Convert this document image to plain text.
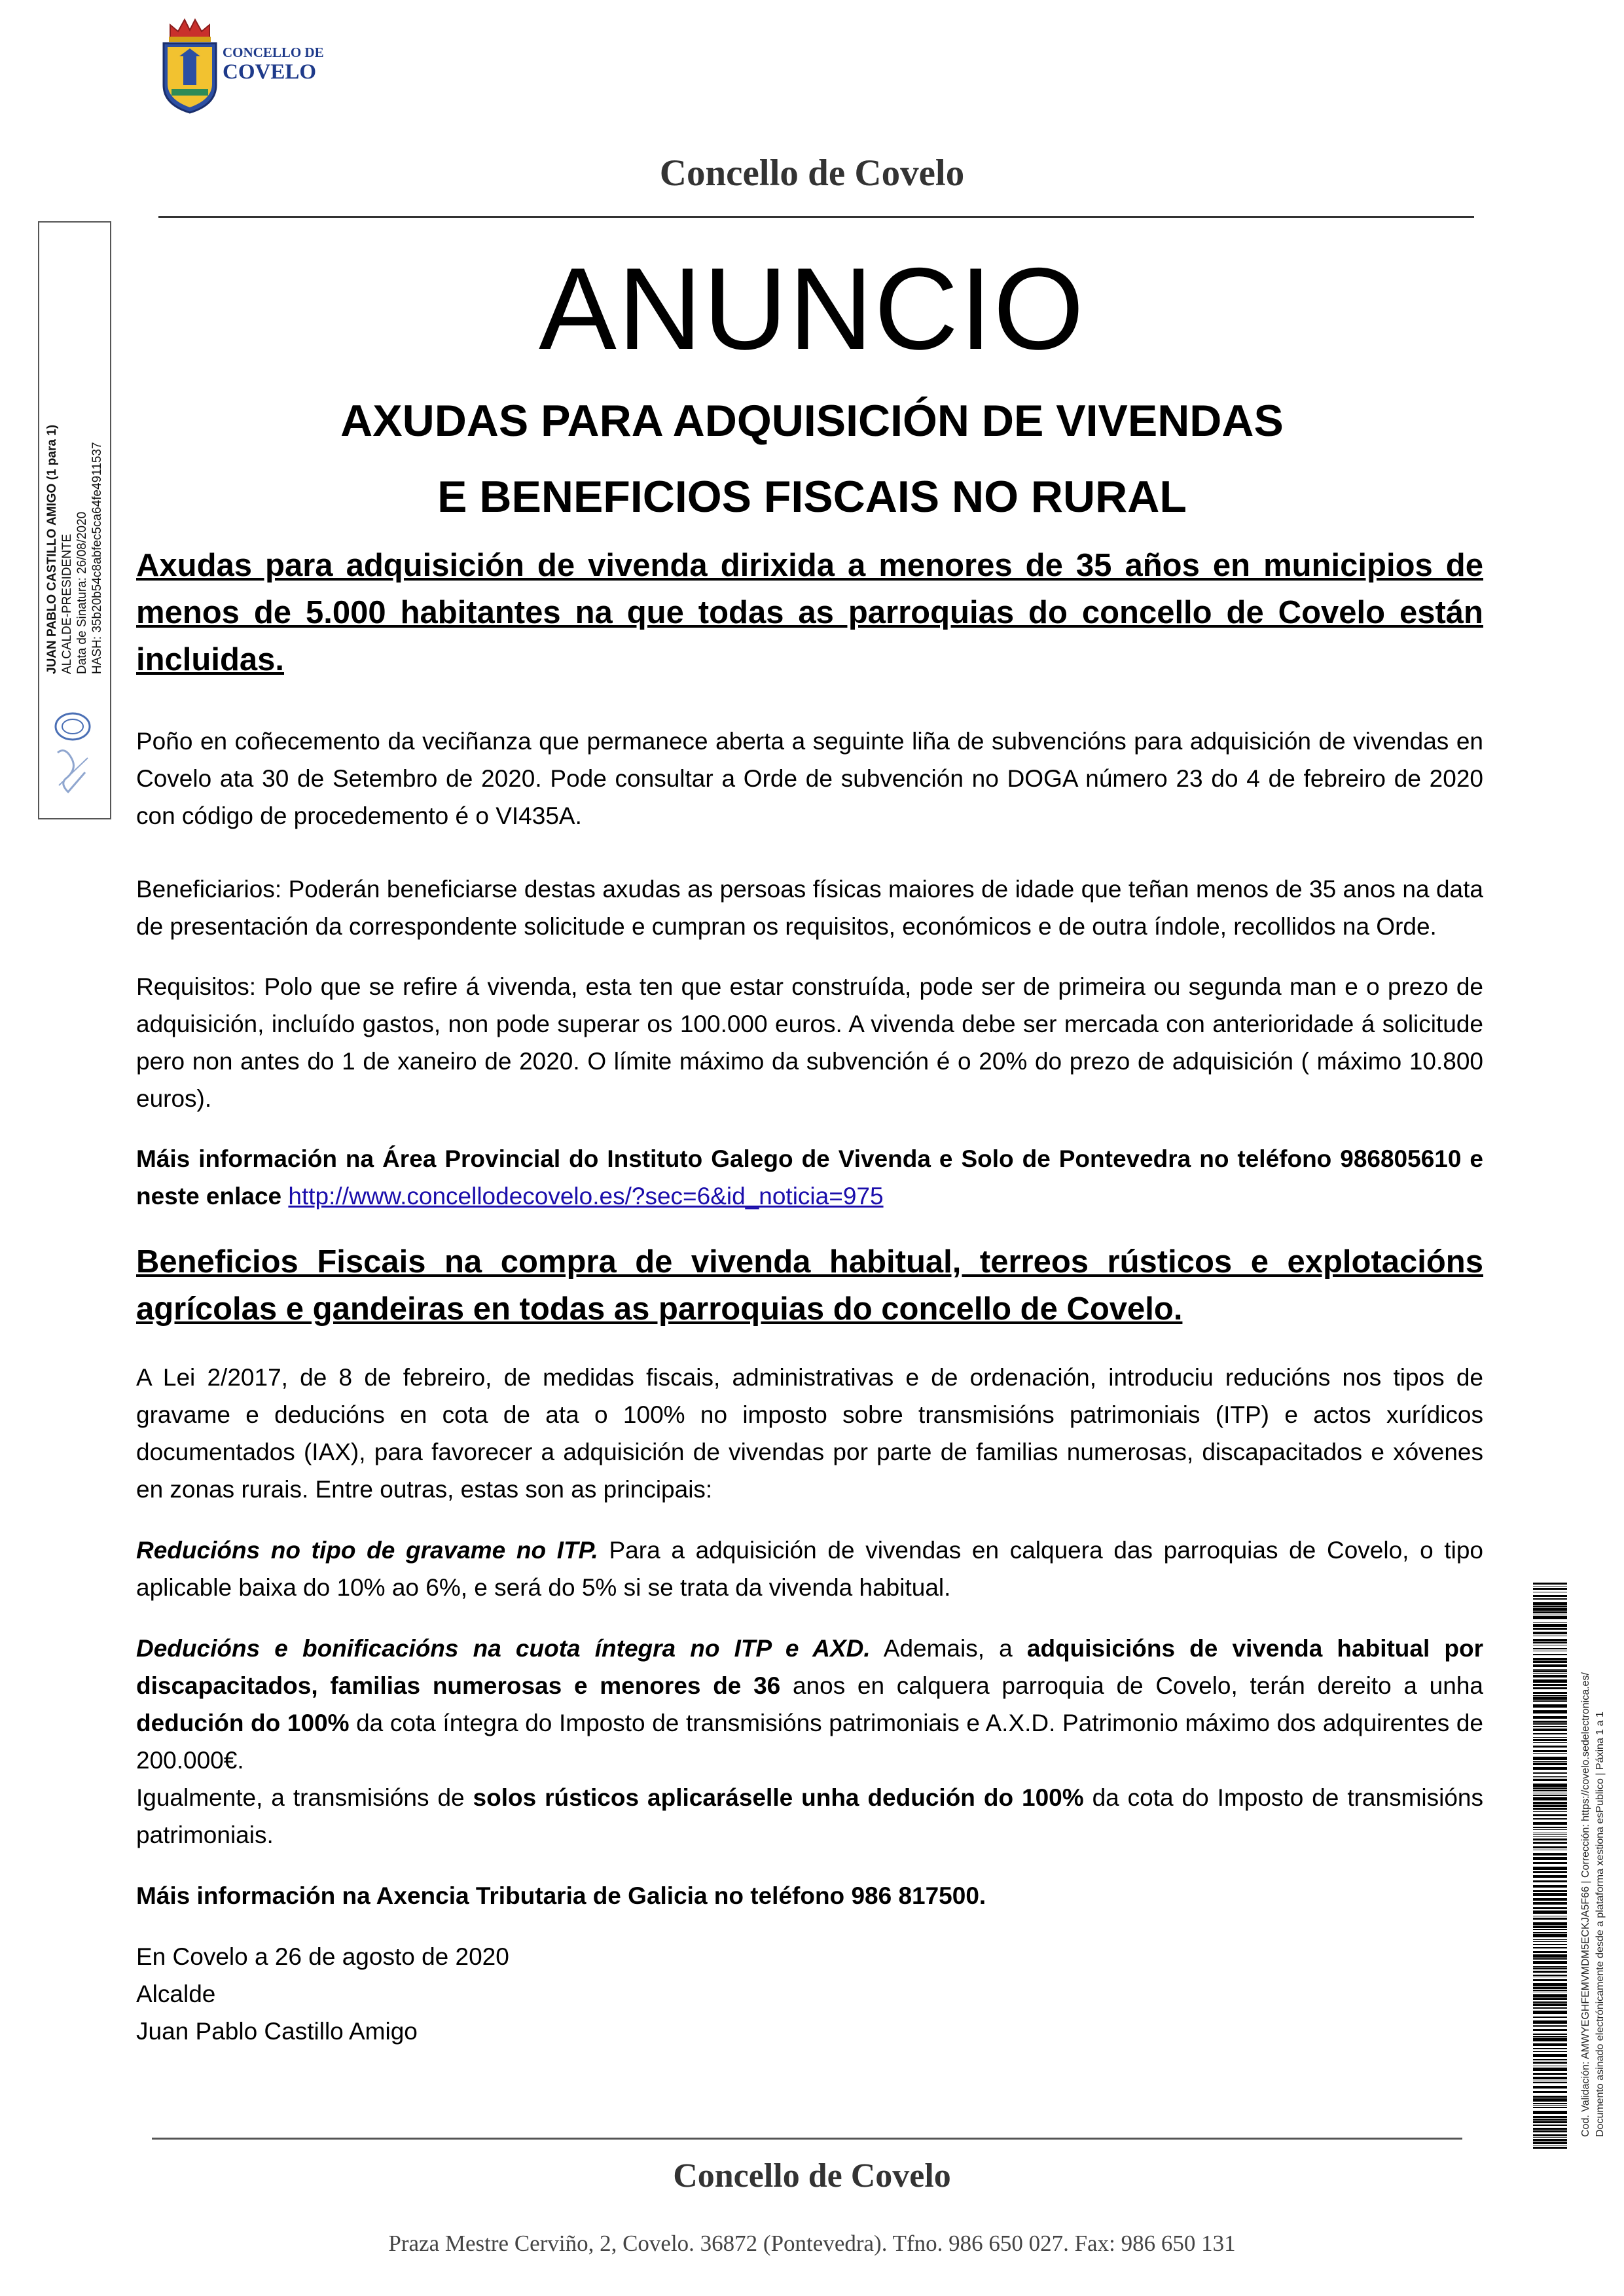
CONCELLO DE
COVELO
Concello de Covelo
JUAN PABLO CASTILLO AMIGO (1 para 1) ALCALDE-PRESIDENTE Data de Sinatura: 26/08/2020 HASH: 35b20b54c8abfec5ca64fe4911537
ANUNCIO
AXUDAS PARA ADQUISICIÓN DE VIVENDAS
E BENEFICIOS FISCAIS NO RURAL

Axudas para adquisición de vivenda dirixida a menores de 35 años en municipios de menos de 5.000 habitantes na que todas as parroquias do concello de Covelo están incluidas.

Poño en coñecemento da veciñanza que permanece aberta a seguinte liña de subvencións para adquisición de vivendas en Covelo ata 30 de Setembro de 2020. Pode consultar a Orde de subvención no DOGA número 23 do 4 de febreiro de 2020 con código de procedemento é o VI435A.

Beneficiarios: Poderán beneficiarse destas axudas as persoas físicas maiores de idade que teñan menos de 35 anos na data de presentación da correspondente solicitude e cumpran os requisitos, económicos e de outra índole, recollidos na Orde.

Requisitos: Polo que se refire á vivenda, esta ten que estar construída, pode ser de primeira ou segunda man e o prezo de adquisición, incluído gastos, non pode superar os 100.000 euros. A vivenda debe ser mercada con anterioridade á solicitude pero non antes do 1 de xaneiro de 2020. O límite máximo da subvención é o 20% do prezo de adquisición ( máximo 10.800 euros).

Máis información na Área Provincial do Instituto Galego de Vivenda e Solo de Pontevedra no teléfono 986805610 e neste enlace http://www.concellodecovelo.es/?sec=6&id_noticia=975

Beneficios Fiscais na compra de vivenda habitual, terreos rústicos e explotacións agrícolas e gandeiras en todas as parroquias do concello de Covelo.

A Lei 2/2017, de 8 de febreiro, de medidas fiscais, administrativas e de ordenación, introduciu reducións nos tipos de gravame e deducións en cota de ata o 100% no imposto sobre transmisións patrimoniais (ITP) e actos xurídicos documentados (IAX), para favorecer a adquisición de vivendas por parte de familias numerosas, discapacitados e xóvenes en zonas rurais. Entre outras, estas son as principais:

Reducións no tipo de gravame no ITP. Para a adquisición de vivendas en calquera das parroquias de Covelo, o tipo aplicable baixa do 10% ao 6%, e será do 5% si se trata da vivenda habitual.

Deducións e bonificacións na cuota íntegra no ITP e AXD. Ademais, a adquisicións de vivenda habitual por discapacitados, familias numerosas e menores de 36 anos en calquera parroquia de Covelo, terán dereito a unha dedución do 100% da cota íntegra do Imposto de transmisións patrimoniais e A.X.D. Patrimonio máximo dos adquirentes de 200.000€.

Igualmente, a transmisións de solos rústicos aplicaráselle unha dedución do 100% da cota do Imposto de transmisións patrimoniais.

Máis información na Axencia Tributaria de Galicia no teléfono 986 817500.

En Covelo a 26 de agosto de 2020

Alcalde

Juan Pablo Castillo Amigo	Cod. Validación: AMWYEGHFEMVMDM5ECKJA5F66 | Corrección: https://covelo.sedelectronica.es/ Documento asinado electrónicamente desde a plataforma xestiona esPublico | Páxina 1 a 1
Concello de Covelo
Praza Mestre Cerviño, 2, Covelo. 36872 (Pontevedra). Tfno. 986 650 027. Fax: 986 650 131
